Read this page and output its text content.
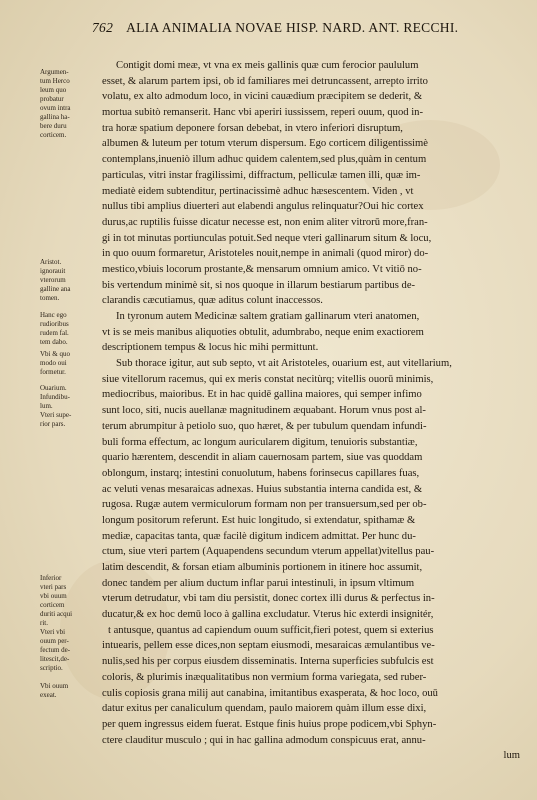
762 ALIA ANIMALIA NOVAE HISP. NARD. ANT. RECCHI.
Argumen-
tum Herco
leum quo
probatur
ovum intra
gallina ha-
bere duru
corticem.
Aristot.
ignorauit
vterorum
galline ana
tomen.
Hanc ego
rudioribus
rudem fal.
tem dabo.
Vbi & quo
modo oui
formetur.
Ouarium.
Infundibu-
lum.
Vteri supe-
rior pars.
Inferior
vteri pars
vbi ouum
corticem
duriti acqui
rit.
Vteri vbi
ouum per-
fectum de-
litescit,de-
scriptio.
Vbi ouum
exeat.
Contigit domi meæ, vt vna ex meis gallinis quæ cum ferocior paululum
esset, & alarum partem ipsi, ob id familiares mei detruncassent, arrepto irrito
volatu, ex alto admodum loco, in vicini cauædium præcipitem se dederit, &
mortua subitò remanserit. Hanc vbi aperiri iussissem, reperi ouum, quod in-
tra horæ spatium deponere forsan debebat, in vtero inferiori disruptum,
albumen & luteum per totum vterum dispersum. Ego corticem diligentissimè
contemplans,inueniò illum adhuc quidem calentem,sed plus,quàm in centum
particulas, vitri instar fragilissimi, diffractum, pelliculæ tamen illi, quæ im-
mediatè eidem subtenditur, pertinacissimè adhuc hæsescentem. Viden , vt
nullus tibi amplius diuerteri aut elabendi angulus relinquatur?Oui hic cortex
durus,ac ruptilis fuisse dicatur necesse est, non enim aliter vitrorū more,fran-
gi in tot minutas portiunculas potuit.Sed neque vteri gallinarum situm & locu,
in quo ouum formaretur, Aristoteles nouit,nempe in animali (quod miror) do-
mestico,vbiuis locorum prostante,& mensarum omnium amico. Vt vitiō no-
bis vertendum minimè sit, si nos quoque in illarum bestiarum partibus de-
clarandis cæcutiamus, quæ aditus colunt inaccessos.
In tyronum autem Medicinæ saltem gratiam gallinarum vteri anatomen,
vt is se meis manibus aliquoties obtulit, adumbrabo, neque enim exactiorem
descriptionem tempus & locus hic mihi permittunt.
Sub thorace igitur, aut sub septo, vt ait Aristoteles, ouarium est, aut vitellarium,
siue vitellorum racemus, qui ex meris constat necitùrq; vitellis ouorū minimis,
mediocribus, maioribus. Et in hac quidē gallina maiores, qui semper infimo
sunt loco, siti, nucis auellanæ magnitudinem æquabant. Horum vnus post al-
terum abrumpitur à petiolo suo, quo hæret, & per tubulum quendam infundi-
buli forma effectum, ac longum auricularem digitum, tenuioris substantiæ,
quario hærentem, descendit in aliam cauernosam partem, siue vas quoddam
oblongum, instarq; intestini conuolutum, habens forinsecus capillares fuas,
ac veluti venas mesaraicas adnexas. Huius substantia interna candida est, &
rugosa. Rugæ autem vermiculorum formam non per transuersum,sed per ob-
longum positorum referunt. Est huic longitudo, si extendatur, spithamæ &
mediæ, capacitas tanta, quæ facilè digitum indicem admittat. Per hunc du-
ctum, siue vteri partem (Aquapendens secundum vterum appellat)vitellus pau-
latim descendit, & forsan etiam albuminis portionem in itinere hoc assumit,
donec tandem per alium ductum inflar parui intestinuli, in ipsum vltimum
vterum detrudatur, vbi tam diu persistit, donec cortex illi durus & perfectus in-
ducatur,& ex hoc demū loco à gallina excludatur. Vterus hic exterdi insignitér,
t antusque, quantus ad capiendum ouum sufficit,fieri potest, quem si exterius
intuearis, pellem esse dices,non septam eiusmodi, mesaraicas æmulantibus ve-
nulis,sed his per corpus eiusdem disseminatis. Interna superficies subfulcis est
coloris, & plurimis inæqualitatibus non vermium forma variegata, sed ruber-
culis copiosis grana milij aut canabina, imitantibus exasperata, & hoc loco, ouū
datur exitus per canaliculum quendam, paulo maiorem quàm illum esse dixi,
per quem ingressus eidem fuerat. Estque finis huius prope podicem,vbi Sphyn-
ctere clauditur musculo ; qui in hac gallina admodum conspicuus erat, annu-
lum
